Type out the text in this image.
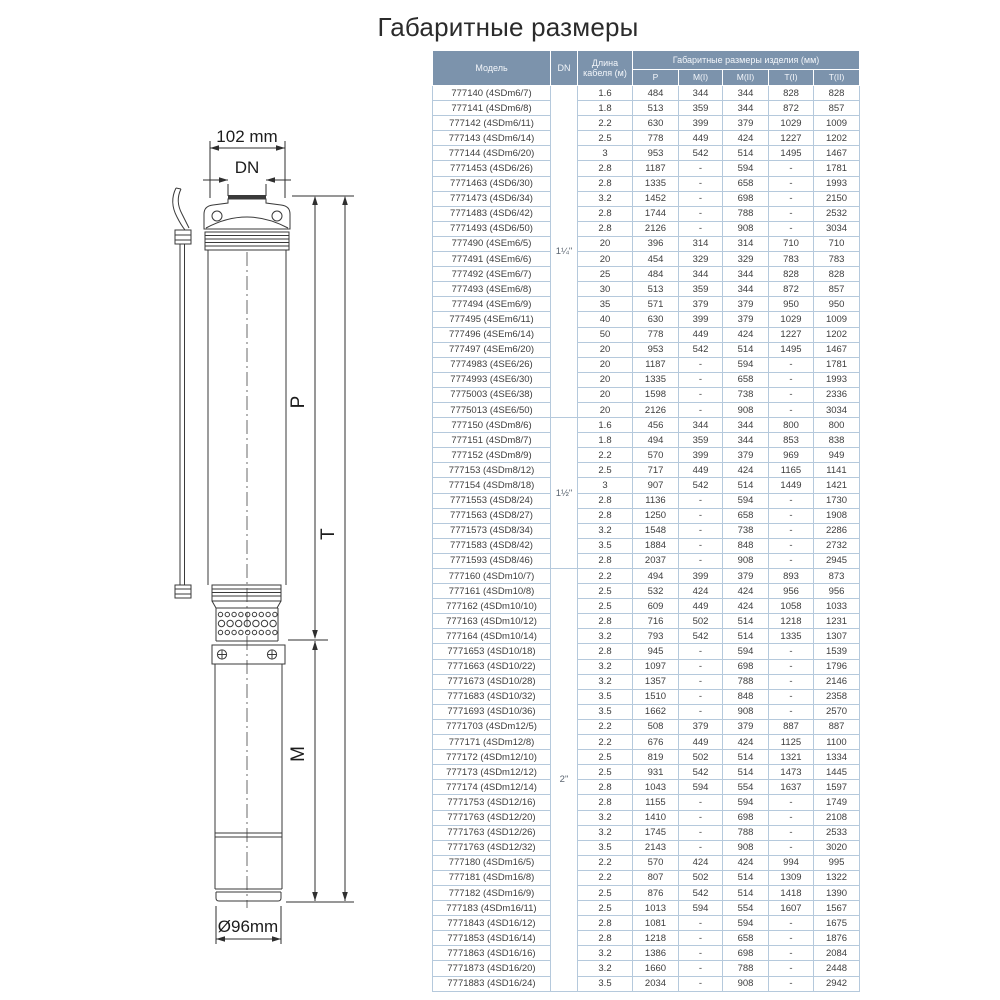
Габаритные размеры
102 mm
DN
Ø96mm
P
M
T
Модель	DN	Длина кабеля (м)	Габаритные размеры изделия (мм)				
			P	M(I)	M(II)	T(I)	T(II)
777140 (4SDm6/7)	1¼"	1.6	484	344	344	828	828
777141 (4SDm6/8)		1.8	513	359	344	872	857
777142 (4SDm6/11)		2.2	630	399	379	1029	1009
777143 (4SDm6/14)		2.5	778	449	424	1227	1202
777144 (4SDm6/20)		3	953	542	514	1495	1467
7771453 (4SD6/26)		2.8	1187	-	594	-	1781
7771463 (4SD6/30)		2.8	1335	-	658	-	1993
7771473 (4SD6/34)		3.2	1452	-	698	-	2150
7771483 (4SD6/42)		2.8	1744	-	788	-	2532
7771493 (4SD6/50)		2.8	2126	-	908	-	3034
777490 (4SEm6/5)		20	396	314	314	710	710
777491 (4SEm6/6)		20	454	329	329	783	783
777492 (4SEm6/7)		25	484	344	344	828	828
777493 (4SEm6/8)		30	513	359	344	872	857
777494 (4SEm6/9)		35	571	379	379	950	950
777495 (4SEm6/11)		40	630	399	379	1029	1009
777496 (4SEm6/14)		50	778	449	424	1227	1202
777497 (4SEm6/20)		20	953	542	514	1495	1467
7774983 (4SE6/26)		20	1187	-	594	-	1781
7774993 (4SE6/30)		20	1335	-	658	-	1993
7775003 (4SE6/38)		20	1598	-	738	-	2336
7775013 (4SE6/50)		20	2126	-	908	-	3034
777150 (4SDm8/6)	1½"	1.6	456	344	344	800	800
777151 (4SDm8/7)		1.8	494	359	344	853	838
777152 (4SDm8/9)		2.2	570	399	379	969	949
777153 (4SDm8/12)		2.5	717	449	424	1165	1141
777154 (4SDm8/18)		3	907	542	514	1449	1421
7771553 (4SD8/24)		2.8	1136	-	594	-	1730
7771563 (4SD8/27)		2.8	1250	-	658	-	1908
7771573 (4SD8/34)		3.2	1548	-	738	-	2286
7771583 (4SD8/42)		3.5	1884	-	848	-	2732
7771593 (4SD8/46)		2.8	2037	-	908	-	2945
777160 (4SDm10/7)	2"	2.2	494	399	379	893	873
777161 (4SDm10/8)		2.5	532	424	424	956	956
777162 (4SDm10/10)		2.5	609	449	424	1058	1033
777163 (4SDm10/12)		2.8	716	502	514	1218	1231
777164 (4SDm10/14)		3.2	793	542	514	1335	1307
7771653 (4SD10/18)		2.8	945	-	594	-	1539
7771663 (4SD10/22)		3.2	1097	-	698	-	1796
7771673 (4SD10/28)		3.2	1357	-	788	-	2146
7771683 (4SD10/32)		3.5	1510	-	848	-	2358
7771693 (4SD10/36)		3.5	1662	-	908	-	2570
7771703 (4SDm12/5)		2.2	508	379	379	887	887
777171 (4SDm12/8)		2.2	676	449	424	1125	1100
777172 (4SDm12/10)		2.5	819	502	514	1321	1334
777173 (4SDm12/12)		2.5	931	542	514	1473	1445
777174 (4SDm12/14)		2.8	1043	594	554	1637	1597
7771753 (4SD12/16)		2.8	1155	-	594	-	1749
7771763 (4SD12/20)		3.2	1410	-	698	-	2108
7771763 (4SD12/26)		3.2	1745	-	788	-	2533
7771763 (4SD12/32)		3.5	2143	-	908	-	3020
777180 (4SDm16/5)		2.2	570	424	424	994	995
777181 (4SDm16/8)		2.2	807	502	514	1309	1322
777182 (4SDm16/9)		2.5	876	542	514	1418	1390
777183 (4SDm16/11)		2.5	1013	594	554	1607	1567
7771843 (4SD16/12)		2.8	1081	-	594	-	1675
7771853 (4SD16/14)		2.8	1218	-	658	-	1876
7771863 (4SD16/16)		3.2	1386	-	698	-	2084
7771873 (4SD16/20)		3.2	1660	-	788	-	2448
7771883 (4SD16/24)		3.5	2034	-	908	-	2942
